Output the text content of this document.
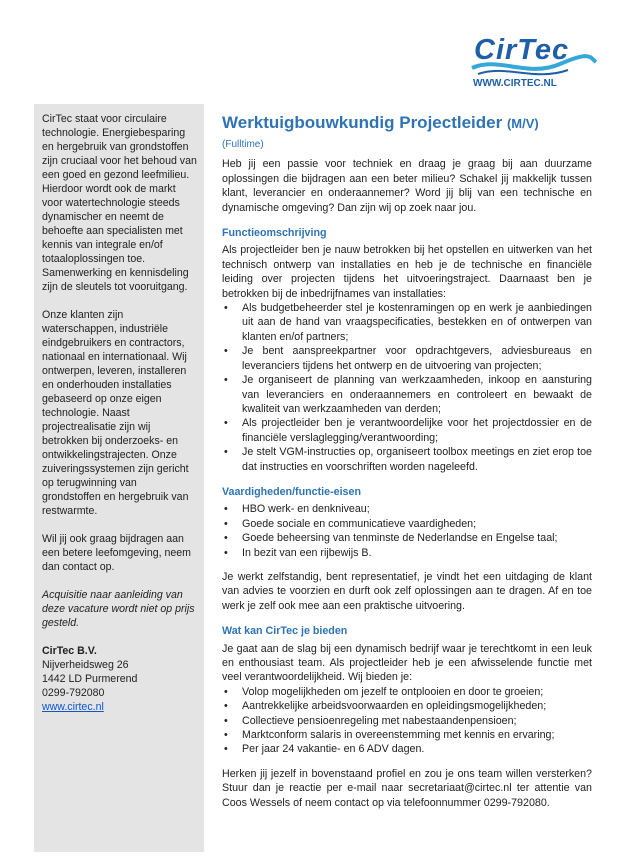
CirTec
WWW.CIRTEC.NL

CirTec staat voor circulaire technologie. Energiebesparing en hergebruik van grondstoffen zijn cruciaal voor het behoud van een goed en gezond leefmilieu. Hierdoor wordt ook de markt voor watertechnologie steeds dynamischer en neemt de behoefte aan specialisten met kennis van integrale en/of totaaloplossingen toe. Samenwerking en kennisdeling zijn de sleutels tot vooruitgang.

Onze klanten zijn waterschappen, industriële eindgebruikers en contractors, nationaal en internationaal. Wij ontwerpen, leveren, installeren en onderhouden installaties gebaseerd op onze eigen technologie. Naast projectrealisatie zijn wij betrokken bij onderzoeks- en ontwikkelingstrajecten. Onze zuiveringssystemen zijn gericht op terugwinning van grondstoffen en hergebruik van restwarmte.

Wil jij ook graag bijdragen aan een betere leefomgeving, neem dan contact op.

Acquisitie naar aanleiding van deze vacature wordt niet op prijs gesteld.

CirTec B.V.

Nijverheidsweg 26

1442 LD Purmerend

0299-792080

www.cirtec.nl

Werktuigbouwkundig Projectleider (M/V)
(Fulltime)

Heb jij een passie voor techniek en draag je graag bij aan duurzame oplossingen die bijdragen aan een beter milieu? Schakel jij makkelijk tussen klant, leverancier en onderaannemer? Word jij blij van een technische en dynamische omgeving? Dan zijn wij op zoek naar jou.

Functieomschrijving

Als projectleider ben je nauw betrokken bij het opstellen en uitwerken van het technisch ontwerp van installaties en heb je de technische en financiële leiding over projecten tijdens het uitvoeringstraject. Daarnaast ben je betrokken bij de inbedrijfnames van installaties:

• Als budgetbeheerder stel je kostenramingen op en werk je aanbiedingen uit aan de hand van vraagspecificaties, bestekken en of ontwerpen van klanten en/of partners;
• Je bent aanspreekpartner voor opdrachtgevers, adviesbureaus en leveranciers tijdens het ontwerp en de uitvoering van projecten;
• Je organiseert de planning van werkzaamheden, inkoop en aansturing van leveranciers en onderaannemers en controleert en bewaakt de kwaliteit van werkzaamheden van derden;
• Als projectleider ben je verantwoordelijke voor het projectdossier en de financiële verslaglegging/verantwoording;
• Je stelt VGM-instructies op, organiseert toolbox meetings en ziet erop toe dat instructies en voorschriften worden nageleefd.
Vaardigheden/functie-eisen
• HBO werk- en denkniveau;
• Goede sociale en communicatieve vaardigheden;
• Goede beheersing van tenminste de Nederlandse en Engelse taal;
• In bezit van een rijbewijs B.

Je werkt zelfstandig, bent representatief, je vindt het een uitdaging de klant van advies te voorzien en durft ook zelf oplossingen aan te dragen. Af en toe werk je zelf ook mee aan een praktische uitvoering.

Wat kan CirTec je bieden

Je gaat aan de slag bij een dynamisch bedrijf waar je terechtkomt in een leuk en enthousiast team. Als projectleider heb je een afwisselende functie met veel verantwoordelijkheid. Wij bieden je:

• Volop mogelijkheden om jezelf te ontplooien en door te groeien;
• Aantrekkelijke arbeidsvoorwaarden en opleidingsmogelijkheden;
• Collectieve pensioenregeling met nabestaandenpensioen;
• Marktconform salaris in overeenstemming met kennis en ervaring;
• Per jaar 24 vakantie- en 6 ADV dagen.

Herken jij jezelf in bovenstaand profiel en zou je ons team willen versterken? Stuur dan je reactie per e-mail naar secretariaat@cirtec.nl ter attentie van Coos Wessels of neem contact op via telefoonnummer 0299-792080.
